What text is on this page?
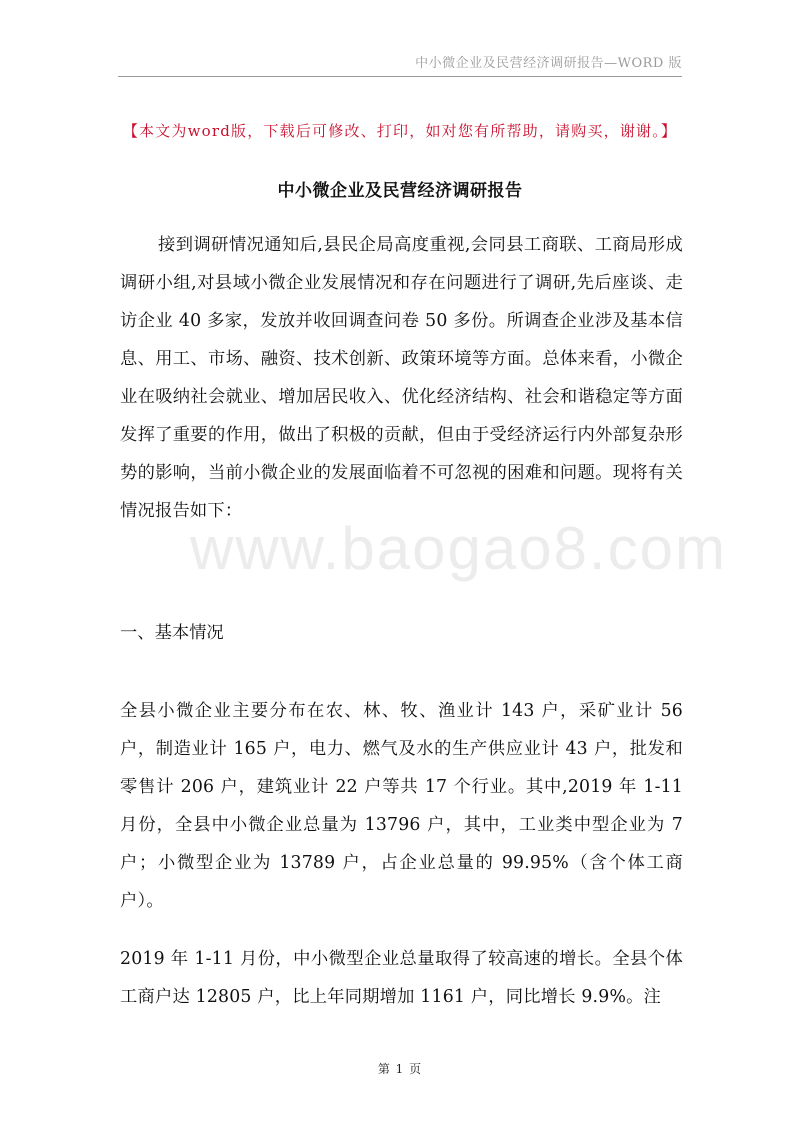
中小微企业及民营经济调研报告—WORD 版
www.baogao8.com
【本文为word版，下载后可修改、打印，如对您有所帮助，请购买，谢谢。】
中小微企业及民营经济调研报告
接到调研情况通知后,县民企局高度重视,会同县工商联、工商局形成调研小组,对县域小微企业发展情况和存在问题进行了调研,先后座谈、走访企业 40 多家，发放并收回调查问卷 50 多份。所调查企业涉及基本信息、用工、市场、融资、技术创新、政策环境等方面。总体来看，小微企业在吸纳社会就业、增加居民收入、优化经济结构、社会和谐稳定等方面发挥了重要的作用，做出了积极的贡献，但由于受经济运行内外部复杂形势的影响，当前小微企业的发展面临着不可忽视的困难和问题。现将有关情况报告如下：
一、基本情况
全县小微企业主要分布在农、林、牧、渔业计 143 户，采矿业计 56 户，制造业计 165 户，电力、燃气及水的生产供应业计 43 户，批发和零售计 206 户，建筑业计 22 户等共 17 个行业。其中,2019 年 1-11 月份，全县中小微企业总量为 13796 户，其中，工业类中型企业为 7 户；小微型企业为 13789 户，占企业总量的 99.95%（含个体工商户）。
2019 年 1-11 月份，中小微型企业总量取得了较高速的增长。全县个体工商户达 12805 户，比上年同期增加 1161 户，同比增长 9.9%。注
第 1 页
